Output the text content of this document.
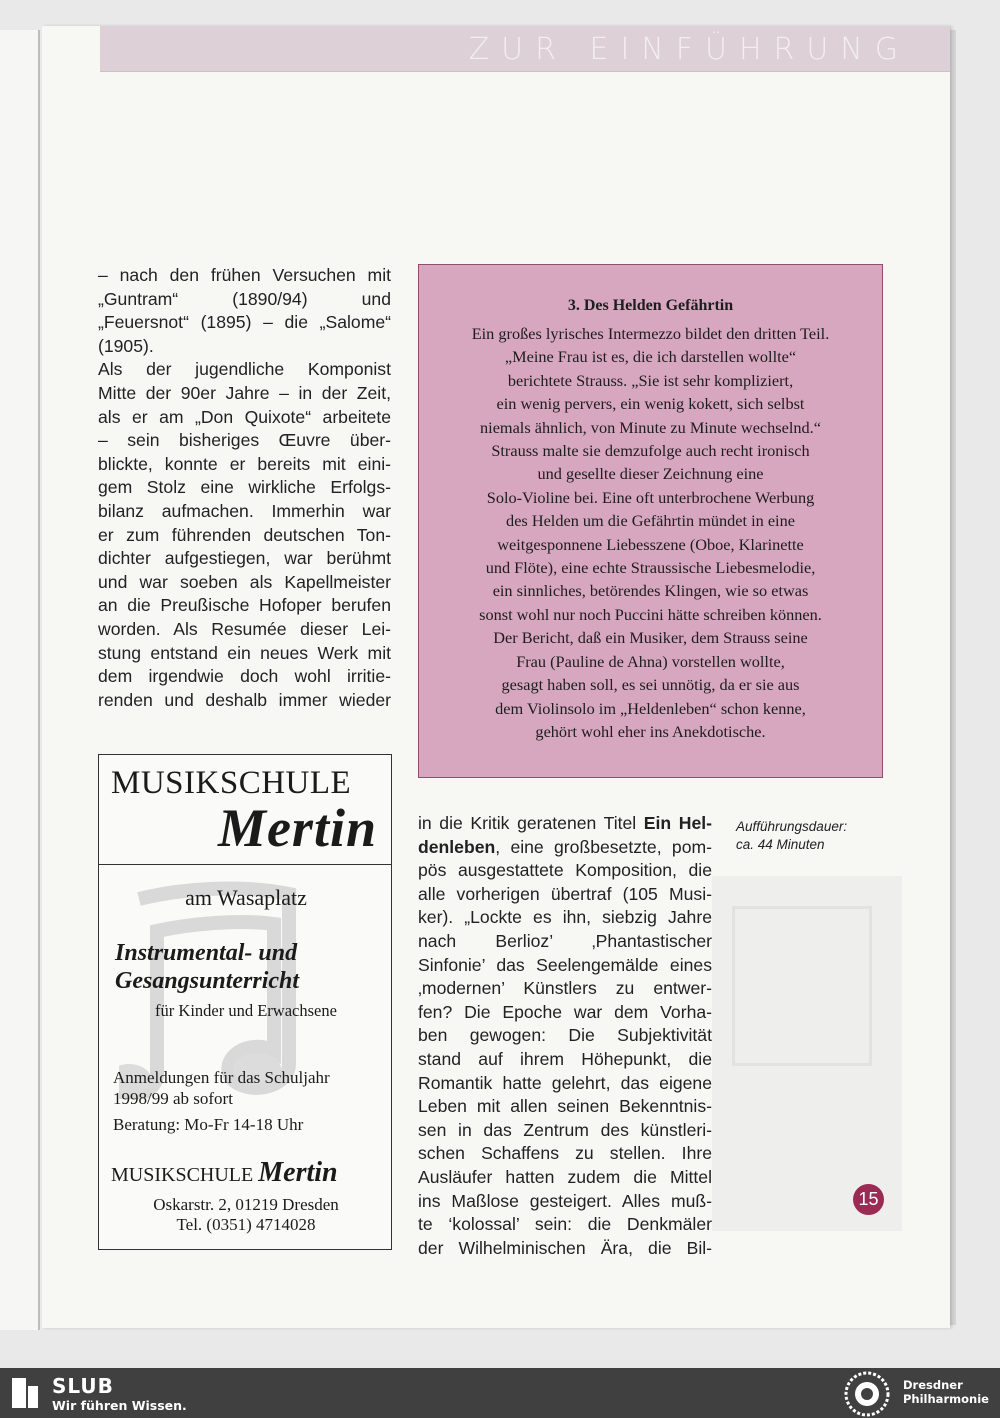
ZUR EINFÜHRUNG
– nach den frühen Versuchen mit
„Guntram“ (1890/94) und
„Feuersnot“ (1895) – die „Salome“
(1905).
Als der jugendliche Komponist
Mitte der 90er Jahre – in der Zeit,
als er am „Don Quixote“ arbeitete
– sein bisheriges Œuvre über-
blickte, konnte er bereits mit eini-
gem Stolz eine wirkliche Erfolgs-
bilanz aufmachen. Immerhin war
er zum führenden deutschen Ton-
dichter aufgestiegen, war berühmt
und war soeben als Kapellmeister
an die Preußische Hofoper berufen
worden. Als Resumée dieser Lei-
stung entstand ein neues Werk mit
dem irgendwie doch wohl irritie-
renden und deshalb immer wieder
3. Des Helden Gefährtin
Ein großes lyrisches Intermezzo bildet den dritten Teil.
„Meine Frau ist es, die ich darstellen wollte“
berichtete Strauss. „Sie ist sehr kompliziert,
ein wenig pervers, ein wenig kokett, sich selbst
niemals ähnlich, von Minute zu Minute wechselnd.“
Strauss malte sie demzufolge auch recht ironisch
und gesellte dieser Zeichnung eine
Solo-Violine bei. Eine oft unterbrochene Werbung
des Helden um die Gefährtin mündet in eine
weitgesponnene Liebesszene (Oboe, Klarinette
und Flöte), eine echte Straussische Liebesmelodie,
ein sinnliches, betörendes Klingen, wie so etwas
sonst wohl nur noch Puccini hätte schreiben können.
Der Bericht, daß ein Musiker, dem Strauss seine
Frau (Pauline de Ahna) vorstellen wollte,
gesagt haben soll, es sei unnötig, da er sie aus
dem Violinsolo im „Heldenleben“ schon kenne,
gehört wohl eher ins Anekdotische.
MUSIKSCHULE
Mertin
am Wasaplatz
Instrumental- und
Gesangsunterricht
für Kinder und Erwachsene
Anmeldungen für das Schuljahr
1998/99 ab sofort
Beratung: Mo-Fr 14-18 Uhr
MUSIKSCHULE Mertin
Oskarstr. 2, 01219 Dresden
Tel. (0351) 4714028
in die Kritik geratenen Titel Ein Hel-
denleben, eine großbesetzte, pom-
pös ausgestattete Komposition, die
alle vorherigen übertraf (105 Musi-
ker). „Lockte es ihn, siebzig Jahre
nach Berlioz’ ‚Phantastischer
Sinfonie’ das Seelengemälde eines
‚modernen’ Künstlers zu entwer-
fen? Die Epoche war dem Vorha-
ben gewogen: Die Subjektivität
stand auf ihrem Höhepunkt, die
Romantik hatte gelehrt, das eigene
Leben mit allen seinen Bekenntnis-
sen in das Zentrum des künstleri-
schen Schaffens zu stellen. Ihre
Ausläufer hatten zudem die Mittel
ins Maßlose gesteigert. Alles muß-
te ‘kolossal’ sein: die Denkmäler
der Wilhelminischen Ära, die Bil-
Aufführungsdauer:
ca. 44 Minuten
15
SLUB
Wir führen Wissen.
Dresdner
Philharmonie
